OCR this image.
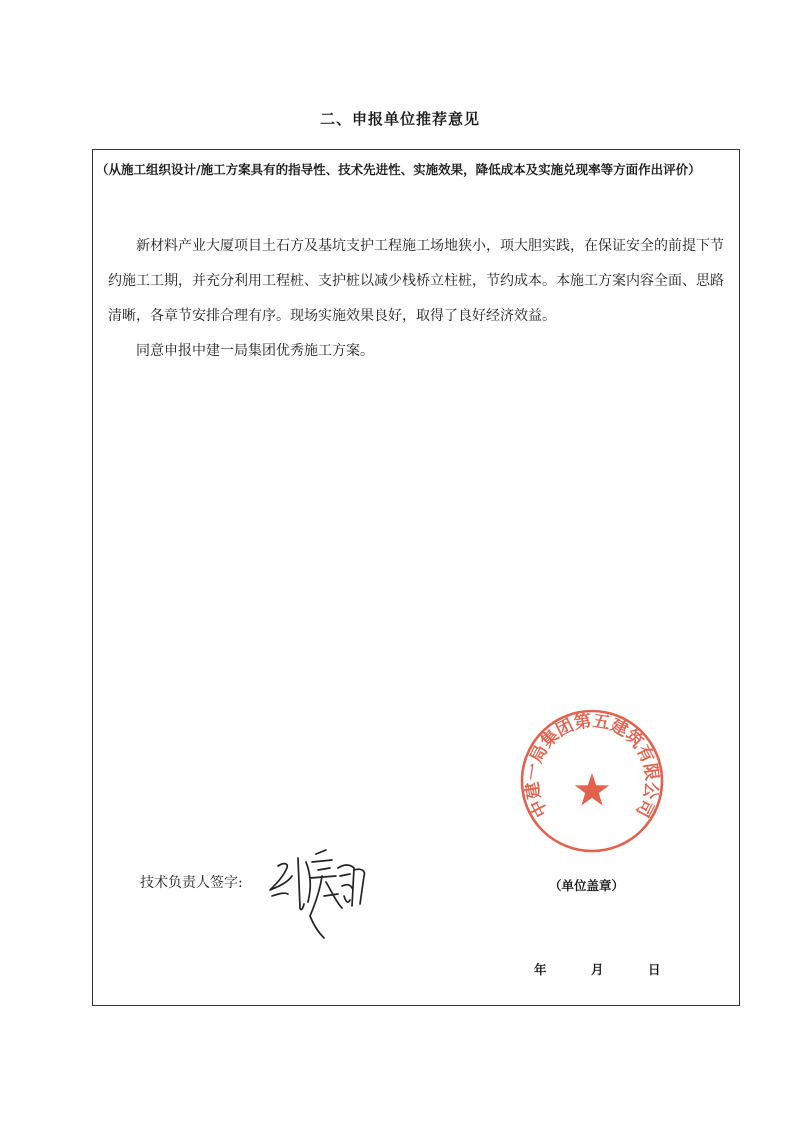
二、申报单位推荐意见
（从施工组织设计/施工方案具有的指导性、技术先进性、实施效果，降低成本及实施兑现率等方面作出评价）

新材料产业大厦项目土石方及基坑支护工程施工场地狭小，项大胆实践，在保证安全的前提下节约施工工期，并充分利用工程桩、支护桩以减少栈桥立柱桩，节约成本。本施工方案内容全面、思路清晰，各章节安排合理有序。现场实施效果良好，取得了良好经济效益。

同意申报中建一局集团优秀施工方案。

技术负责人签字:
中建一局集团第五建筑有限公司
（单位盖章）
年	月	日
